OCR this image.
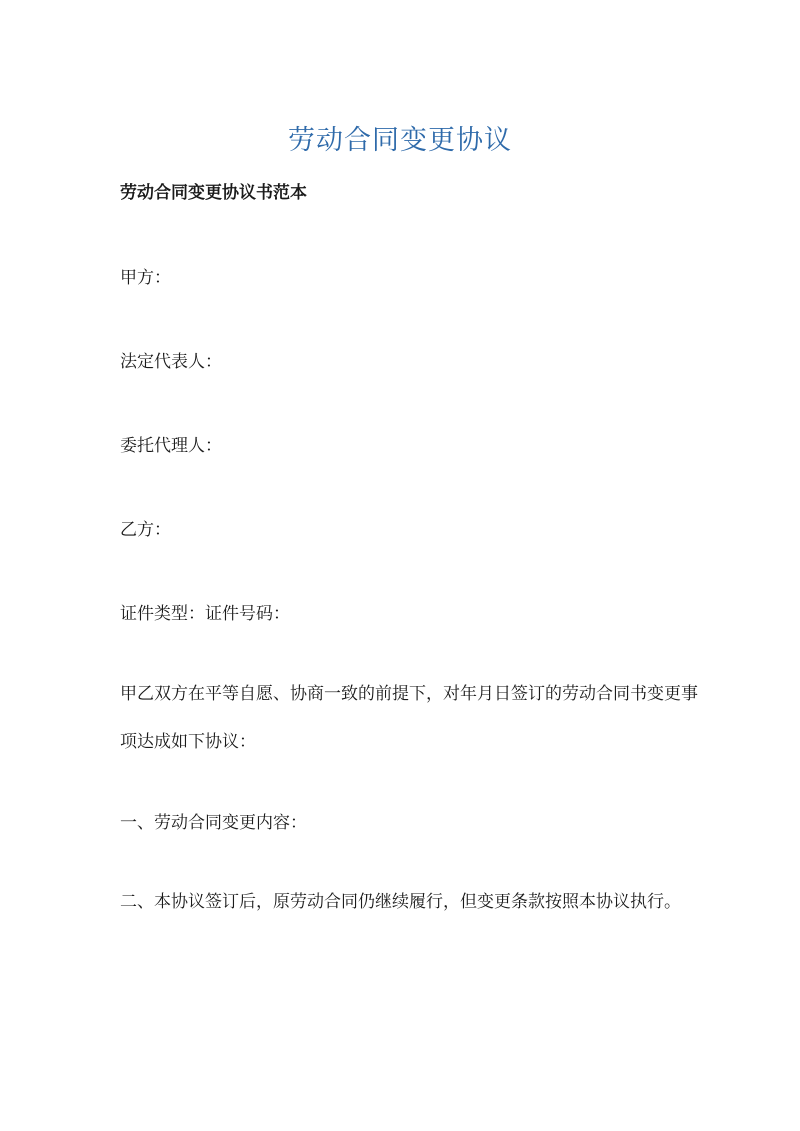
劳动合同变更协议
劳动合同变更协议书范本
甲方：
法定代表人：
委托代理人：
乙方：
证件类型：证件号码：
甲乙双方在平等自愿、协商一致的前提下，对年月日签订的劳动合同书变更事项达成如下协议：
一、劳动合同变更内容：
二、本协议签订后，原劳动合同仍继续履行，但变更条款按照本协议执行。
